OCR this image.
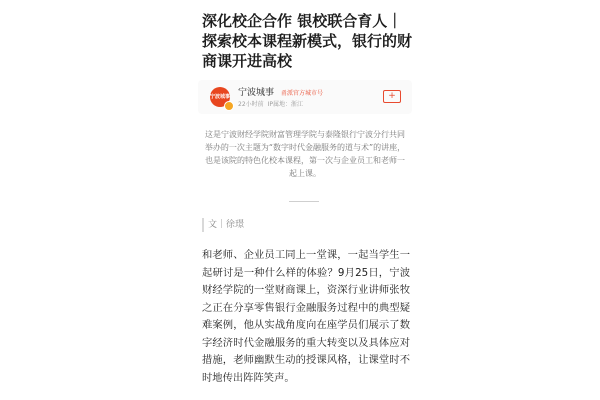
深化校企合作 银校联合育人｜探索校本课程新模式，银行的财商课开进高校
宁波城事 宁波城事 甬派官方城市号
22小时前 IP属地：浙江
+

这是宁波财经学院财富管理学院与泰隆银行宁波分行共同举办的一次主题为“数字时代金融服务的道与术”的讲座，也是该院的特色化校本课程，第一次与企业员工和老师一起上课。

文｜徐璟

和老师、企业员工同上一堂课，一起当学生一起研讨是一种什么样的体验？9月25日，宁波财经学院的一堂财商课上，资深行业讲师张牧之正在分享零售银行金融服务过程中的典型疑难案例，他从实战角度向在座学员们展示了数字经济时代金融服务的重大转变以及具体应对措施，老师幽默生动的授课风格，让课堂时不时地传出阵阵笑声。
